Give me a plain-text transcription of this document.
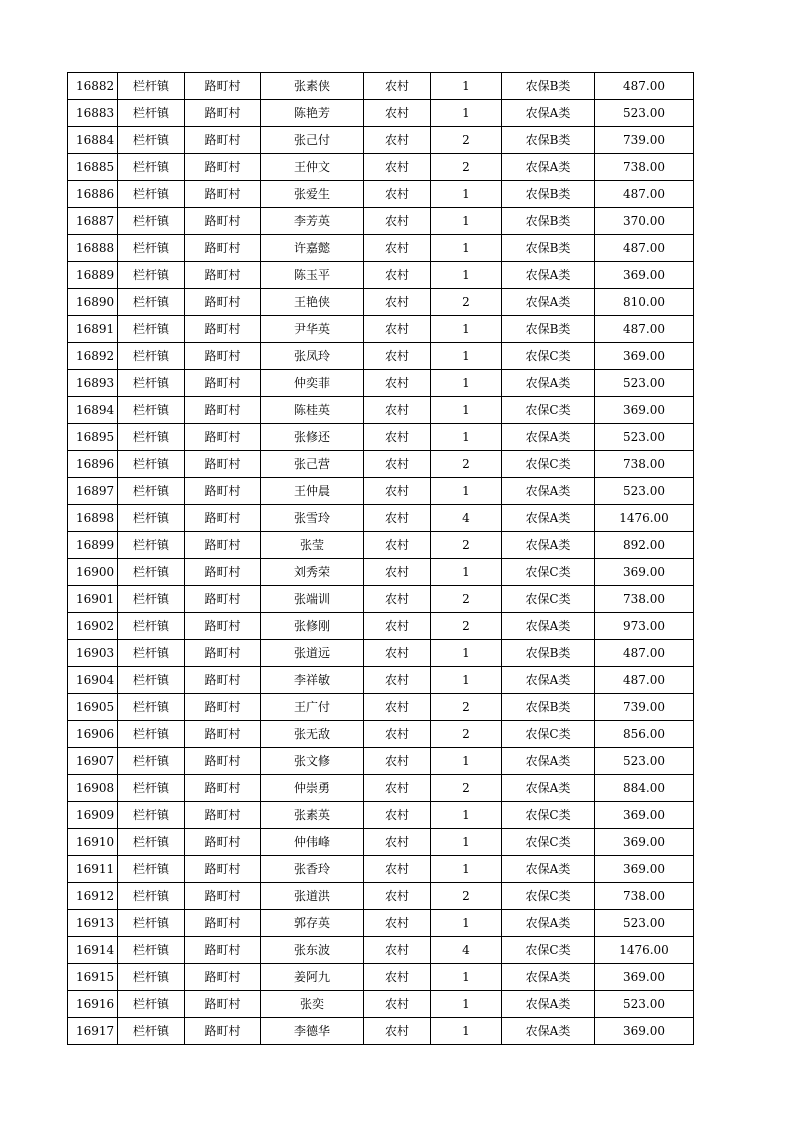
16882	栏杆镇	路町村	张素侠	农村	1	农保B类	487.00
16883	栏杆镇	路町村	陈艳芳	农村	1	农保A类	523.00
16884	栏杆镇	路町村	张己付	农村	2	农保B类	739.00
16885	栏杆镇	路町村	王仲文	农村	2	农保A类	738.00
16886	栏杆镇	路町村	张爱生	农村	1	农保B类	487.00
16887	栏杆镇	路町村	李芳英	农村	1	农保B类	370.00
16888	栏杆镇	路町村	许嘉懿	农村	1	农保B类	487.00
16889	栏杆镇	路町村	陈玉平	农村	1	农保A类	369.00
16890	栏杆镇	路町村	王艳侠	农村	2	农保A类	810.00
16891	栏杆镇	路町村	尹华英	农村	1	农保B类	487.00
16892	栏杆镇	路町村	张凤玲	农村	1	农保C类	369.00
16893	栏杆镇	路町村	仲奕菲	农村	1	农保A类	523.00
16894	栏杆镇	路町村	陈桂英	农村	1	农保C类	369.00
16895	栏杆镇	路町村	张修还	农村	1	农保A类	523.00
16896	栏杆镇	路町村	张己营	农村	2	农保C类	738.00
16897	栏杆镇	路町村	王仲晨	农村	1	农保A类	523.00
16898	栏杆镇	路町村	张雪玲	农村	4	农保A类	1476.00
16899	栏杆镇	路町村	张莹	农村	2	农保A类	892.00
16900	栏杆镇	路町村	刘秀荣	农村	1	农保C类	369.00
16901	栏杆镇	路町村	张端训	农村	2	农保C类	738.00
16902	栏杆镇	路町村	张修刚	农村	2	农保A类	973.00
16903	栏杆镇	路町村	张道远	农村	1	农保B类	487.00
16904	栏杆镇	路町村	李祥敏	农村	1	农保A类	487.00
16905	栏杆镇	路町村	王广付	农村	2	农保B类	739.00
16906	栏杆镇	路町村	张无敌	农村	2	农保C类	856.00
16907	栏杆镇	路町村	张文修	农村	1	农保A类	523.00
16908	栏杆镇	路町村	仲崇勇	农村	2	农保A类	884.00
16909	栏杆镇	路町村	张素英	农村	1	农保C类	369.00
16910	栏杆镇	路町村	仲伟峰	农村	1	农保C类	369.00
16911	栏杆镇	路町村	张香玲	农村	1	农保A类	369.00
16912	栏杆镇	路町村	张道洪	农村	2	农保C类	738.00
16913	栏杆镇	路町村	郭存英	农村	1	农保A类	523.00
16914	栏杆镇	路町村	张东波	农村	4	农保C类	1476.00
16915	栏杆镇	路町村	姜阿九	农村	1	农保A类	369.00
16916	栏杆镇	路町村	张奕	农村	1	农保A类	523.00
16917	栏杆镇	路町村	李德华	农村	1	农保A类	369.00
